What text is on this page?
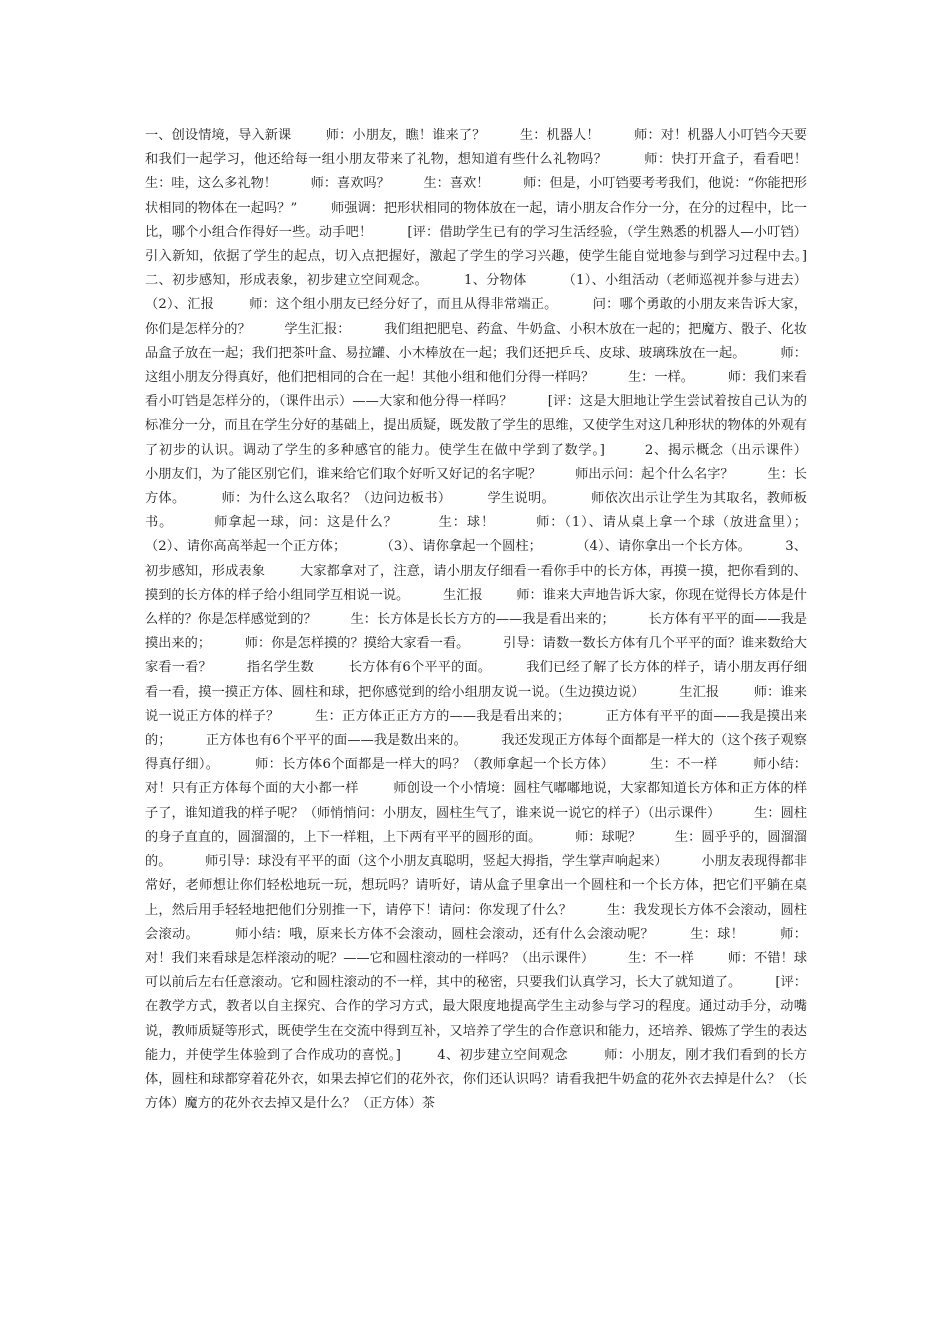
一、创设情境，导入新课        师：小朋友，瞧！谁来了？        生：机器人！        师：对！机器人小叮铛今天要和我们一起学习，他还给每一组小朋友带来了礼物，想知道有些什么礼物吗？        师：快打开盒子，看看吧！        生：哇，这么多礼物！        师：喜欢吗？        生：喜欢！        师：但是，小叮铛要考考我们，他说：“你能把形状相同的物体在一起吗？”        师强调：把形状相同的物体放在一起，请小朋友合作分一分，在分的过程中，比一比，哪个小组合作得好一些。动手吧！        [评：借助学生已有的学习生活经验，（学生熟悉的机器人—小叮铛）引入新知，依据了学生的起点，切入点把握好，激起了学生的学习兴趣，使学生能自觉地参与到学习过程中去。]        二、初步感知，形成表象，初步建立空间观念。        1、分物体        （1）、小组活动（老师巡视并参与进去）        （2）、汇报        师：这个组小朋友已经分好了，而且从得非常端正。        问：哪个勇敢的小朋友来告诉大家，你们是怎样分的？        学生汇报：        我们组把肥皂、药盒、牛奶盒、小积木放在一起的；把魔方、骰子、化妆品盒子放在一起；我们把茶叶盒、易拉罐、小木棒放在一起；我们还把乒乓、皮球、玻璃珠放在一起。        师：这组小朋友分得真好，他们把相同的合在一起！其他小组和他们分得一样吗？        生：一样。        师：我们来看看小叮铛是怎样分的，（课件出示）——大家和他分得一样吗？        [评：这是大胆地让学生尝试着按自己认为的标准分一分，而且在学生分好的基础上，提出质疑，既发散了学生的思维，又使学生对这几种形状的物体的外观有了初步的认识。调动了学生的多种感官的能力。使学生在做中学到了数学。]        2、揭示概念（出示课件）        小朋友们，为了能区别它们，谁来给它们取个好听又好记的名字呢？        师出示问：起个什么名字？        生：长方体。        师：为什么这么取名？（边问边板书）        学生说明。        师依次出示让学生为其取名，教师板书。        师拿起一球，问：这是什么？        生：球！        师：（1）、请从桌上拿一个球（放进盒里）；        （2）、请你高高举起一个正方体；        （3）、请你拿起一个圆柱；        （4）、请你拿出一个长方体。        3、初步感知，形成表象        大家都拿对了，注意，请小朋友仔细看一看你手中的长方体，再摸一摸，把你看到的、摸到的长方体的样子给小组同学互相说一说。        生汇报        师：谁来大声地告诉大家，你现在觉得长方体是什么样的？你是怎样感觉到的？        生：长方体是长长方方的——我是看出来的；        长方体有平平的面——我是摸出来的；        师：你是怎样摸的？摸给大家看一看。        引导：请数一数长方体有几个平平的面？谁来数给大家看一看？        指名学生数        长方体有6个平平的面。        我们已经了解了长方体的样子，请小朋友再仔细看一看，摸一摸正方体、圆柱和球，把你感觉到的给小组朋友说一说。（生边摸边说）        生汇报        师：谁来说一说正方体的样子？        生：正方体正正方方的——我是看出来的；        正方体有平平的面——我是摸出来的；        正方体也有6个平平的面——我是数出来的。        我还发现正方体每个面都是一样大的（这个孩子观察得真仔细）。        师：长方体6个面都是一样大的吗？（教师拿起一个长方体）        生：不一样        师小结：对！只有正方体每个面的大小都一样        师创设一个小情境：圆柱气嘟嘟地说，大家都知道长方体和正方体的样子了，谁知道我的样子呢？（师悄悄问：小朋友，圆柱生气了，谁来说一说它的样子）（出示课件）        生：圆柱的身子直直的，圆溜溜的，上下一样粗，上下两有平平的圆形的面。        师：球呢？        生：圆乎乎的，圆溜溜的。        师引导：球没有平平的面（这个小朋友真聪明，竖起大拇指，学生掌声响起来）        小朋友表现得都非常好，老师想让你们轻松地玩一玩，想玩吗？请听好，请从盒子里拿出一个圆柱和一个长方体，把它们平躺在桌上，然后用手轻轻地把他们分别推一下，请停下！请问：你发现了什么？        生：我发现长方体不会滚动，圆柱会滚动。        师小结：哦，原来长方体不会滚动，圆柱会滚动，还有什么会滚动呢？        生：球！        师：对！我们来看球是怎样滚动的呢？——它和圆柱滚动的一样吗？（出示课件）        生：不一样        师：不错！球可以前后左右任意滚动。它和圆柱滚动的不一样，其中的秘密，只要我们认真学习，长大了就知道了。        [评：在教学方式，教者以自主探究、合作的学习方式，最大限度地提高学生主动参与学习的程度。通过动手分，动嘴说，教师质疑等形式，既使学生在交流中得到互补，又培养了学生的合作意识和能力，还培养、锻炼了学生的表达能力，并使学生体验到了合作成功的喜悦。]        4、初步建立空间观念        师：小朋友，刚才我们看到的长方体，圆柱和球都穿着花外衣，如果去掉它们的花外衣，你们还认识吗？请看我把牛奶盒的花外衣去掉是什么？（长方体）魔方的花外衣去掉又是什么？（正方体）茶
